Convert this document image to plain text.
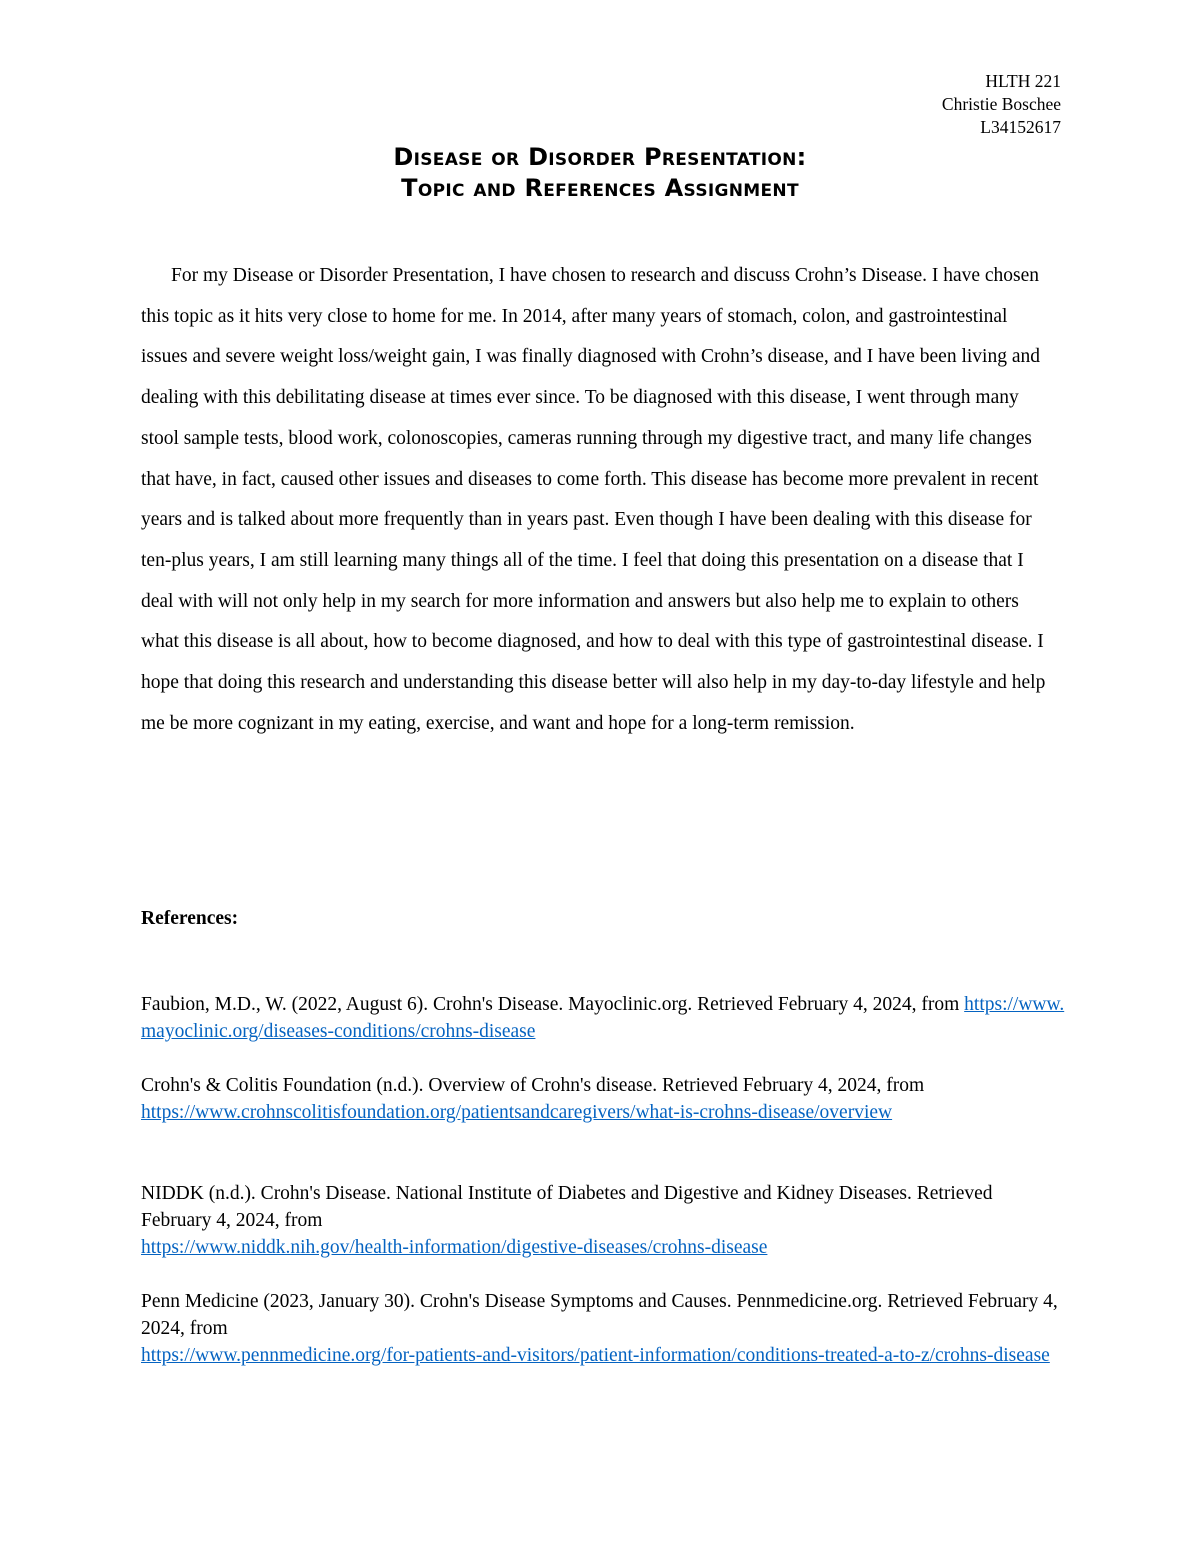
HLTH 221
Christie Boschee
L34152617
Disease or Disorder Presentation:
Topic and References Assignment

For my Disease or Disorder Presentation, I have chosen to research and discuss Crohn’s Disease. I have chosen this topic as it hits very close to home for me. In 2014, after many years of stomach, colon, and gastrointestinal issues and severe weight loss/weight gain, I was finally diagnosed with Crohn’s disease, and I have been living and dealing with this debilitating disease at times ever since. To be diagnosed with this disease, I went through many stool sample tests, blood work, colonoscopies, cameras running through my digestive tract, and many life changes that have, in fact, caused other issues and diseases to come forth. This disease has become more prevalent in recent years and is talked about more frequently than in years past. Even though I have been dealing with this disease for ten-plus years, I am still learning many things all of the time. I feel that doing this presentation on a disease that I deal with will not only help in my search for more information and answers but also help me to explain to others what this disease is all about, how to become diagnosed, and how to deal with this type of gastrointestinal disease. I hope that doing this research and understanding this disease better will also help in my day-to-day lifestyle and help me be more cognizant in my eating, exercise, and want and hope for a long-term remission.

References:

Faubion, M.D., W. (2022, August 6). Crohn's Disease. Mayoclinic.org. Retrieved February 4, 2024, from https://www.mayoclinic.org/diseases-conditions/crohns-disease

Crohn's & Colitis Foundation (n.d.). Overview of Crohn's disease. Retrieved February 4, 2024, from
https://www.crohnscolitisfoundation.org/patientsandcaregivers/what-is-crohns-disease/overview

NIDDK (n.d.). Crohn's Disease. National Institute of Diabetes and Digestive and Kidney Diseases. Retrieved February 4, 2024, from
https://www.niddk.nih.gov/health-information/digestive-diseases/crohns-disease

Penn Medicine (2023, January 30). Crohn's Disease Symptoms and Causes. Pennmedicine.org. Retrieved February 4, 2024, from
https://www.pennmedicine.org/for-patients-and-visitors/patient-information/conditions-treated-a-to-z/crohns-disease
